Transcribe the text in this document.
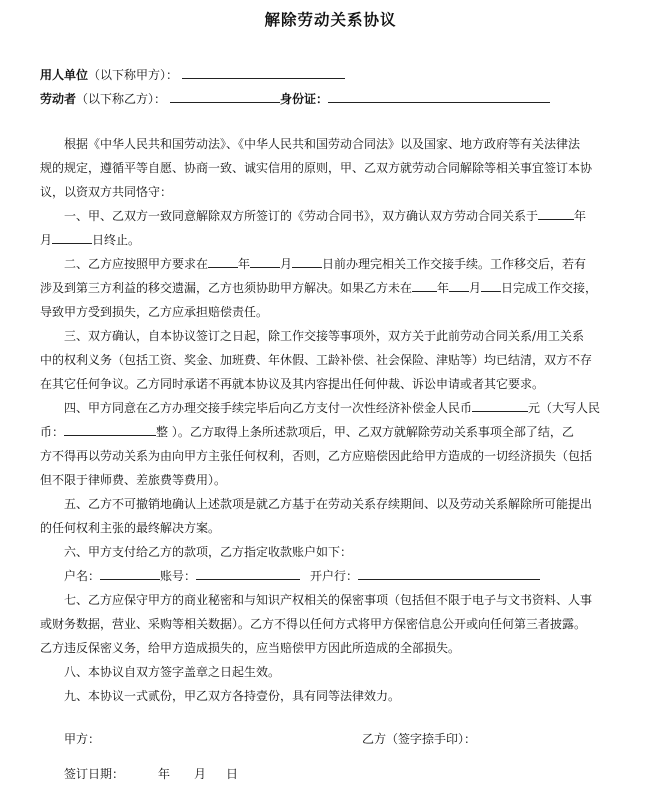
解除劳动关系协议
用人单位（以下称甲方）：
劳动者（以下称乙方）：	身份证：
根据《中华人民共和国劳动法》、《中华人民共和国劳动合同法》以及国家、地方政府等有关法律法
规的规定，遵循平等自愿、协商一致、诚实信用的原则，甲、乙双方就劳动合同解除等相关事宜签订本协
议，以资双方共同恪守：
一、甲、乙双方一致同意解除双方所签订的《劳动合同书》，双方确认双方劳动合同关系于	年
月	日终止。
二、乙方应按照甲方要求在	年	月	日前办理完相关工作交接手续。工作移交后，若有
涉及到第三方利益的移交遗漏，乙方也须协助甲方解决。如果乙方未在 年 月 日完成工作交接，
导致甲方受到损失，乙方应承担赔偿责任。
三、双方确认，自本协议签订之日起，除工作交接等事项外，双方关于此前劳动合同关系/用工关系
中的权利义务（包括工资、奖金、加班费、年休假、工龄补偿、社会保险、津贴等）均已结清，双方不存
在其它任何争议。乙方同时承诺不再就本协议及其内容提出任何仲裁、诉讼申请或者其它要求。
四、甲方同意在乙方办理交接手续完毕后向乙方支付一次性经济补偿金人民币	元（大写人民
币：	整 ）。乙方取得上条所述款项后，甲、乙双方就解除劳动关系事项全部了结，乙
方不得再以劳动关系为由向甲方主张任何权利，否则，乙方应赔偿因此给甲方造成的一切经济损失（包括
但不限于律师费、差旅费等费用）。
五、乙方不可撤销地确认上述款项是就乙方基于在劳动关系存续期间、以及劳动关系解除所可能提出
的任何权利主张的最终解决方案。
六、甲方支付给乙方的款项，乙方指定收款账户如下：
户名：	账号：	开户行：
七、乙方应保守甲方的商业秘密和与知识产权相关的保密事项（包括但不限于电子与文书资料、人事
或财务数据，营业、采购等相关数据）。乙方不得以任何方式将甲方保密信息公开或向任何第三者披露。
乙方违反保密义务，给甲方造成损失的，应当赔偿甲方因此所造成的全部损失。
八、本协议自双方签字盖章之日起生效。
九、本协议一式贰份，甲乙双方各持壹份，具有同等法律效力。
甲方：	乙方（签字捺手印）：
签订日期：	年 月 日
